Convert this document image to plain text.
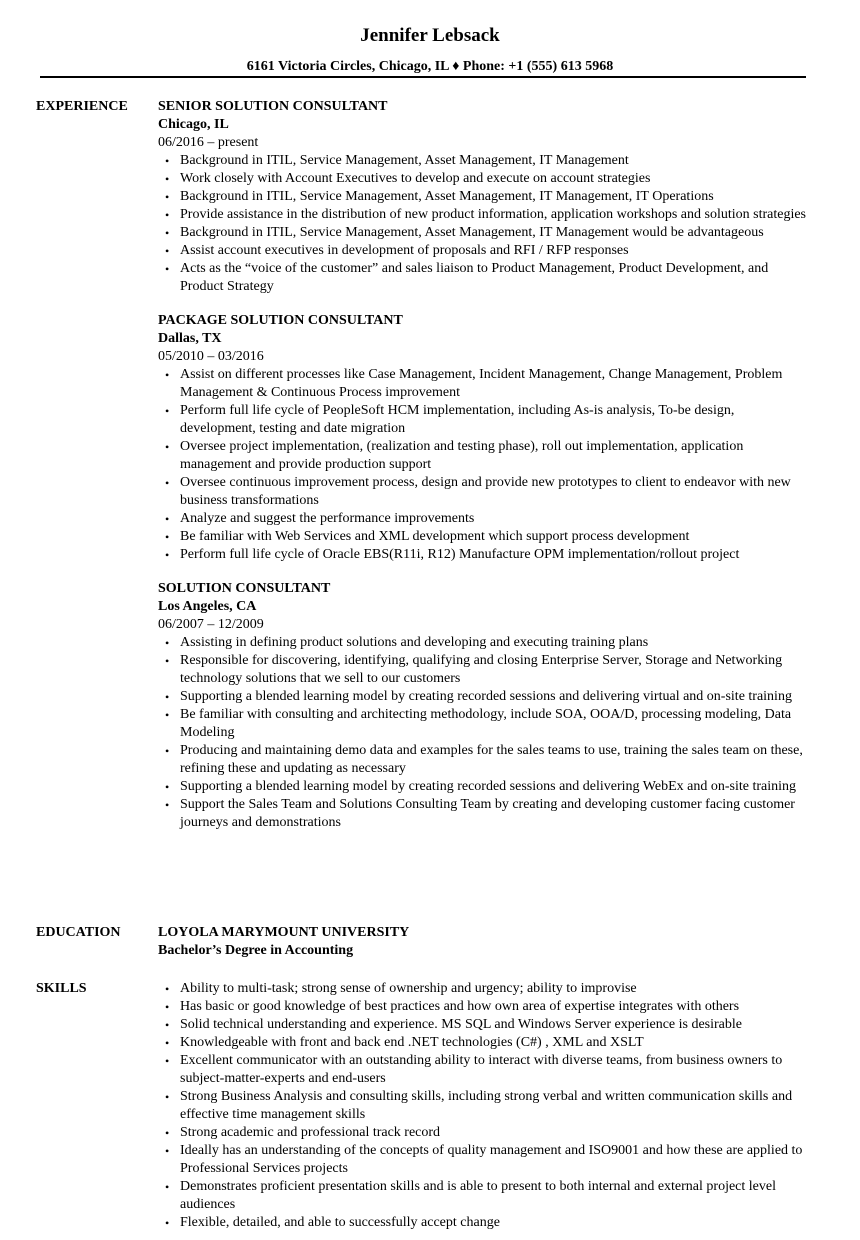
Jennifer Lebsack
6161 Victoria Circles, Chicago, IL ♦ Phone: +1 (555) 613 5968
EXPERIENCE SENIOR SOLUTION CONSULTANT
Chicago, IL
06/2016 – present
• Background in ITIL, Service Management, Asset Management, IT Management
• Work closely with Account Executives to develop and execute on account strategies
• Background in ITIL, Service Management, Asset Management, IT Management, IT Operations
• Provide assistance in the distribution of new product information, application workshops and solution strategies
• Background in ITIL, Service Management, Asset Management, IT Management would be advantageous
• Assist account executives in development of proposals and RFI / RFP responses
• Acts as the “voice of the customer” and sales liaison to Product Management, Product Development, and Product Strategy
PACKAGE SOLUTION CONSULTANT
Dallas, TX
05/2010 – 03/2016
• Assist on different processes like Case Management, Incident Management, Change Management, Problem Management & Continuous Process improvement
• Perform full life cycle of PeopleSoft HCM implementation, including As-is analysis, To-be design, development, testing and date migration
• Oversee project implementation, (realization and testing phase), roll out implementation, application management and provide production support
• Oversee continuous improvement process, design and provide new prototypes to client to endeavor with new business transformations
• Analyze and suggest the performance improvements
• Be familiar with Web Services and XML development which support process development
• Perform full life cycle of Oracle EBS(R11i, R12) Manufacture OPM implementation/rollout project
SOLUTION CONSULTANT
Los Angeles, CA
06/2007 – 12/2009
• Assisting in defining product solutions and developing and executing training plans
• Responsible for discovering, identifying, qualifying and closing Enterprise Server, Storage and Networking technology solutions that we sell to our customers
• Supporting a blended learning model by creating recorded sessions and delivering virtual and on-site training
• Be familiar with consulting and architecting methodology, include SOA, OOA/D, processing modeling, Data Modeling
• Producing and maintaining demo data and examples for the sales teams to use, training the sales team on these, refining these and updating as necessary
• Supporting a blended learning model by creating recorded sessions and delivering WebEx and on-site training
• Support the Sales Team and Solutions Consulting Team by creating and developing customer facing customer journeys and demonstrations
EDUCATION	LOYOLA MARYMOUNT UNIVERSITY
Bachelor’s Degree in Accounting
SKILLS	• Ability to multi-task; strong sense of ownership and urgency; ability to improvise
• Has basic or good knowledge of best practices and how own area of expertise integrates with others
• Solid technical understanding and experience. MS SQL and Windows Server experience is desirable
• Knowledgeable with front and back end .NET technologies (C#) , XML and XSLT
• Excellent communicator with an outstanding ability to interact with diverse teams, from business owners to subject-matter-experts and end-users
• Strong Business Analysis and consulting skills, including strong verbal and written communication skills and effective time management skills
• Strong academic and professional track record
• Ideally has an understanding of the concepts of quality management and ISO9001 and how these are applied to Professional Services projects
• Demonstrates proficient presentation skills and is able to present to both internal and external project level audiences
• Flexible, detailed, and able to successfully accept change
